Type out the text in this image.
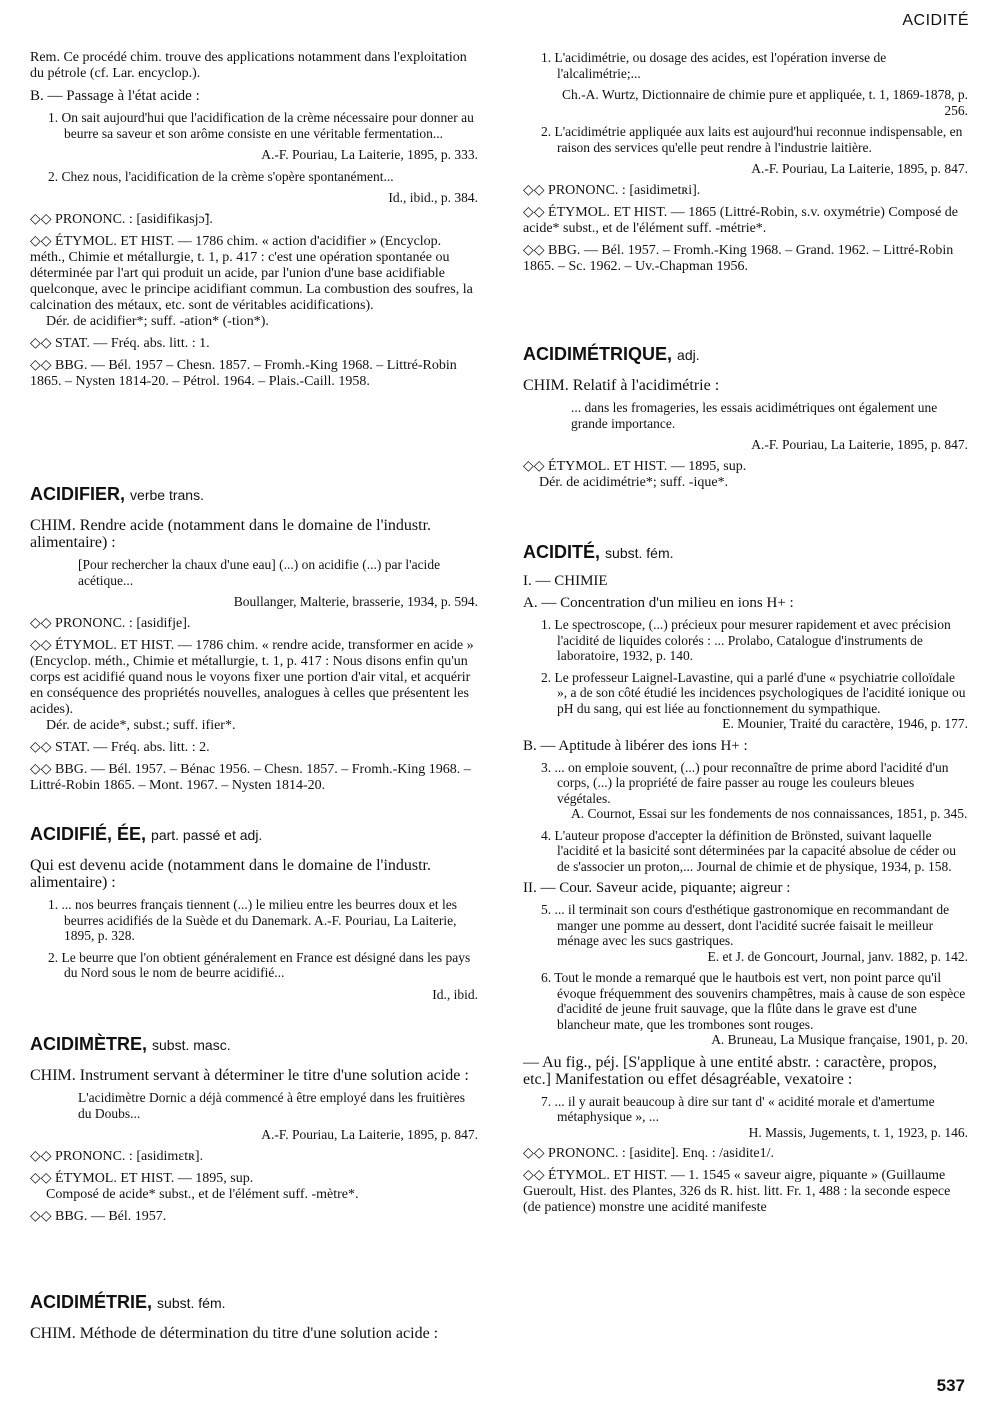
ACIDITÉ

Rem. Ce procédé chim. trouve des applications notamment dans l'exploitation du pétrole (cf. Lar. encyclop.).

B. — Passage à l'état acide :

1. On sait aujourd'hui que l'acidification de la crème nécessaire pour donner au beurre sa saveur et son arôme consiste en une véritable fermentation...

A.-F. Pouriau, La Laiterie, 1895, p. 333.

2. Chez nous, l'acidification de la crème s'opère spontanément...

Id., ibid., p. 384.

◇◇ PRONONC. : [asidifikasjɔ̃].

◇◇ ÉTYMOL. ET HIST. — 1786 chim. « action d'acidifier » (Encyclop. méth., Chimie et métallurgie, t. 1, p. 417 : c'est une opération spontanée ou déterminée par l'art qui produit un acide, par l'union d'une base acidifiable quelconque, avec le principe acidifiant commun. La combustion des soufres, la calcination des métaux, etc. sont de véritables acidifications).

Dér. de acidifier*; suff. -ation* (-tion*).

◇◇ STAT. — Fréq. abs. litt. : 1.

◇◇ BBG. — Bél. 1957 – Chesn. 1857. – Fromh.-King 1968. – Littré-Robin 1865. – Nysten 1814-20. – Pétrol. 1964. – Plais.-Caill. 1958.

ACIDIFIER, verbe trans.

CHIM. Rendre acide (notamment dans le domaine de l'industr. alimentaire) :

[Pour rechercher la chaux d'une eau] (...) on acidifie (...) par l'acide acétique...

Boullanger, Malterie, brasserie, 1934, p. 594.

◇◇ PRONONC. : [asidifje].

◇◇ ÉTYMOL. ET HIST. — 1786 chim. « rendre acide, transformer en acide » (Encyclop. méth., Chimie et métallurgie, t. 1, p. 417 : Nous disons enfin qu'un corps est acidifié quand nous le voyons fixer une portion d'air vital, et acquérir en conséquence des propriétés nouvelles, analogues à celles que présentent les acides).

Dér. de acide*, subst.; suff. ifier*.

◇◇ STAT. — Fréq. abs. litt. : 2.

◇◇ BBG. — Bél. 1957. – Bénac 1956. – Chesn. 1857. – Fromh.-King 1968. – Littré-Robin 1865. – Mont. 1967. – Nysten 1814-20.

ACIDIFIÉ, ÉE, part. passé et adj.

Qui est devenu acide (notamment dans le domaine de l'industr. alimentaire) :

1. ... nos beurres français tiennent (...) le milieu entre les beurres doux et les beurres acidifiés de la Suède et du Danemark. A.-F. Pouriau, La Laiterie, 1895, p. 328.

2. Le beurre que l'on obtient généralement en France est désigné dans les pays du Nord sous le nom de beurre acidifié...

Id., ibid.

ACIDIMÈTRE, subst. masc.

CHIM. Instrument servant à déterminer le titre d'une solution acide :

L'acidimètre Dornic a déjà commencé à être employé dans les fruitières du Doubs...

A.-F. Pouriau, La Laiterie, 1895, p. 847.

◇◇ PRONONC. : [asidimɛtʀ].

◇◇ ÉTYMOL. ET HIST. — 1895, sup.

Composé de acide* subst., et de l'élément suff. -mètre*.

◇◇ BBG. — Bél. 1957.

ACIDIMÉTRIE, subst. fém.

CHIM. Méthode de détermination du titre d'une solution acide :

1. L'acidimétrie, ou dosage des acides, est l'opération inverse de l'alcalimétrie;...

Ch.-A. Wurtz, Dictionnaire de chimie pure et appliquée, t. 1, 1869-1878, p. 256.

2. L'acidimétrie appliquée aux laits est aujourd'hui reconnue indispensable, en raison des services qu'elle peut rendre à l'industrie laitière.

A.-F. Pouriau, La Laiterie, 1895, p. 847.

◇◇ PRONONC. : [asidimetʀi].

◇◇ ÉTYMOL. ET HIST. — 1865 (Littré-Robin, s.v. oxymétrie) Composé de acide* subst., et de l'élément suff. -métrie*.

◇◇ BBG. — Bél. 1957. – Fromh.-King 1968. – Grand. 1962. – Littré-Robin 1865. – Sc. 1962. – Uv.-Chapman 1956.

ACIDIMÉTRIQUE, adj.

CHIM. Relatif à l'acidimétrie :

... dans les fromageries, les essais acidimétriques ont également une grande importance.

A.-F. Pouriau, La Laiterie, 1895, p. 847.

◇◇ ÉTYMOL. ET HIST. — 1895, sup.

Dér. de acidimétrie*; suff. -ique*.

ACIDITÉ, subst. fém.

I. — CHIMIE

A. — Concentration d'un milieu en ions H+ :

1. Le spectroscope, (...) précieux pour mesurer rapidement et avec précision l'acidité de liquides colorés : ... Prolabo, Catalogue d'instruments de laboratoire, 1932, p. 140.

2. Le professeur Laignel-Lavastine, qui a parlé d'une « psychiatrie colloïdale », a de son côté étudié les incidences psychologiques de l'acidité ionique ou pH du sang, qui est liée au fonctionnement du sympathique.

E. Mounier, Traité du caractère, 1946, p. 177.

B. — Aptitude à libérer des ions H+ :

3. ... on emploie souvent, (...) pour reconnaître de prime abord l'acidité d'un corps, (...) la propriété de faire passer au rouge les couleurs bleues végétales.

A. Cournot, Essai sur les fondements de nos connaissances, 1851, p. 345.

4. L'auteur propose d'accepter la définition de Brönsted, suivant laquelle l'acidité et la basicité sont déterminées par la capacité absolue de céder ou de s'associer un proton,... Journal de chimie et de physique, 1934, p. 158.

II. — Cour. Saveur acide, piquante; aigreur :

5. ... il terminait son cours d'esthétique gastronomique en recommandant de manger une pomme au dessert, dont l'acidité sucrée faisait le meilleur ménage avec les sucs gastriques.

E. et J. de Goncourt, Journal, janv. 1882, p. 142.

6. Tout le monde a remarqué que le hautbois est vert, non point parce qu'il évoque fréquemment des souvenirs champêtres, mais à cause de son espèce d'acidité de jeune fruit sauvage, que la flûte dans le grave est d'une blancheur mate, que les trombones sont rouges.

A. Bruneau, La Musique française, 1901, p. 20.

— Au fig., péj. [S'applique à une entité abstr. : caractère, propos, etc.] Manifestation ou effet désagréable, vexatoire :

7. ... il y aurait beaucoup à dire sur tant d' « acidité morale et d'amertume métaphysique », ...

H. Massis, Jugements, t. 1, 1923, p. 146.

◇◇ PRONONC. : [asidite]. Enq. : /asidite1/.

◇◇ ÉTYMOL. ET HIST. — 1. 1545 « saveur aigre, piquante » (Guillaume Gueroult, Hist. des Plantes, 326 ds R. hist. litt. Fr. 1, 488 : la seconde espece (de patience) monstre une acidité manifeste

537
